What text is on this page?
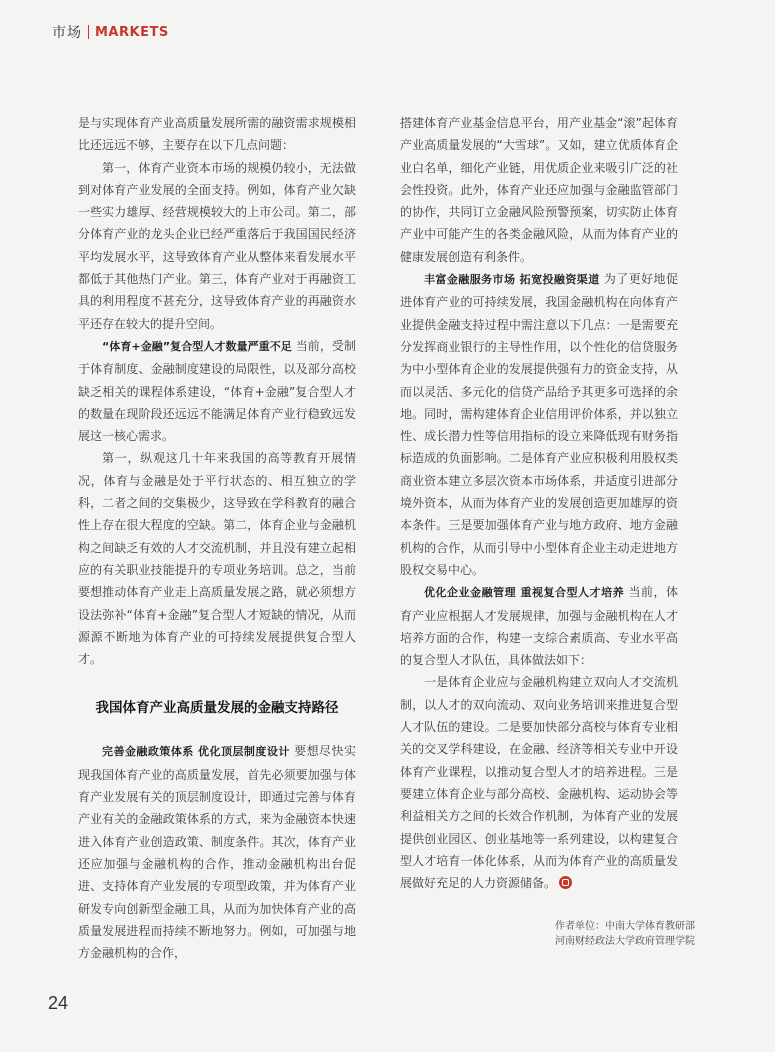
市场 MARKETS

是与实现体育产业高质量发展所需的融资需求规模相比还远远不够，主要存在以下几点问题：

第一，体育产业资本市场的规模仍较小，无法做到对体育产业发展的全面支持。例如，体育产业欠缺一些实力雄厚、经营规模较大的上市公司。第二，部分体育产业的龙头企业已经严重落后于我国国民经济平均发展水平，这导致体育产业从整体来看发展水平都低于其他热门产业。第三，体育产业对于再融资工具的利用程度不甚充分，这导致体育产业的再融资水平还存在较大的提升空间。

“体育+金融”复合型人才数量严重不足 当前，受制于体育制度、金融制度建设的局限性，以及部分高校缺乏相关的课程体系建设，“体育+金融”复合型人才的数量在现阶段还远远不能满足体育产业行稳致远发展这一核心需求。

第一，纵观这几十年来我国的高等教育开展情况，体育与金融是处于平行状态的、相互独立的学科，二者之间的交集极少，这导致在学科教育的融合性上存在很大程度的空缺。第二，体育企业与金融机构之间缺乏有效的人才交流机制，并且没有建立起相应的有关职业技能提升的专项业务培训。总之，当前要想推动体育产业走上高质量发展之路，就必须想方设法弥补“体育+金融”复合型人才短缺的情况，从而源源不断地为体育产业的可持续发展提供复合型人才。

我国体育产业高质量发展的金融支持路径

完善金融政策体系 优化顶层制度设计 要想尽快实现我国体育产业的高质量发展，首先必须要加强与体育产业发展有关的顶层制度设计，即通过完善与体育产业有关的金融政策体系的方式，来为金融资本快速进入体育产业创造政策、制度条件。其次，体育产业还应加强与金融机构的合作，推动金融机构出台促进、支持体育产业发展的专项型政策，并为体育产业研发专向创新型金融工具，从而为加快体育产业的高质量发展进程而持续不断地努力。例如，可加强与地方金融机构的合作，

搭建体育产业基金信息平台，用产业基金“滚”起体育产业高质量发展的“大雪球”。又如，建立优质体育企业白名单，细化产业链，用优质企业来吸引广泛的社会性投资。此外，体育产业还应加强与金融监管部门的协作，共同订立金融风险预警预案，切实防止体育产业中可能产生的各类金融风险，从而为体育产业的健康发展创造有利条件。

丰富金融服务市场 拓宽投融资渠道 为了更好地促进体育产业的可持续发展，我国金融机构在向体育产业提供金融支持过程中需注意以下几点：一是需要充分发挥商业银行的主导性作用，以个性化的信贷服务为中小型体育企业的发展提供强有力的资金支持，从而以灵活、多元化的信贷产品给予其更多可选择的余地。同时，需构建体育企业信用评价体系，并以独立性、成长潜力性等信用指标的设立来降低现有财务指标造成的负面影响。二是体育产业应积极利用股权类商业资本建立多层次资本市场体系，并适度引进部分境外资本，从而为体育产业的发展创造更加雄厚的资本条件。三是要加强体育产业与地方政府、地方金融机构的合作，从而引导中小型体育企业主动走进地方股权交易中心。

优化企业金融管理 重视复合型人才培养 当前，体育产业应根据人才发展规律，加强与金融机构在人才培养方面的合作，构建一支综合素质高、专业水平高的复合型人才队伍，具体做法如下：

一是体育企业应与金融机构建立双向人才交流机制，以人才的双向流动、双向业务培训来推进复合型人才队伍的建设。二是要加快部分高校与体育专业相关的交叉学科建设，在金融、经济等相关专业中开设体育产业课程，以推动复合型人才的培养进程。三是要建立体育企业与部分高校、金融机构、运动协会等利益相关方之间的长效合作机制，为体育产业的发展提供创业园区、创业基地等一系列建设，以构建复合型人才培育一体化体系，从而为体育产业的高质量发展做好充足的人力资源储备。

作者单位：中南大学体育教研部
河南财经政法大学政府管理学院
24
